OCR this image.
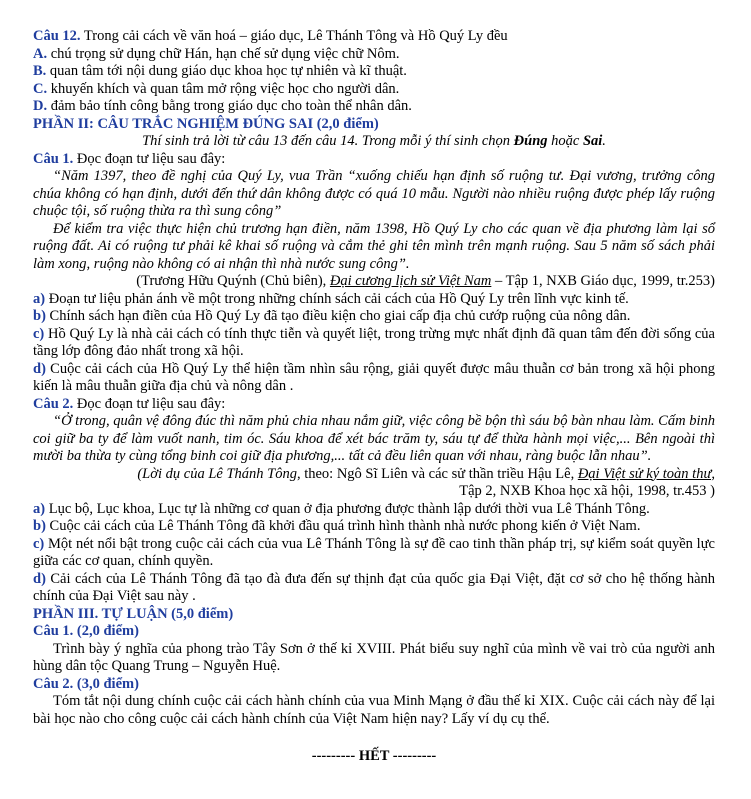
Câu 12. Trong cải cách về văn hoá – giáo dục, Lê Thánh Tông và Hồ Quý Ly đều

A. chú trọng sử dụng chữ Hán, hạn chế sử dụng việc chữ Nôm.

B. quan tâm tới nội dung giáo dục khoa học tự nhiên và kĩ thuật.

C. khuyến khích và quan tâm mở rộng việc học cho người dân.

D. đảm bảo tính công bằng trong giáo dục cho toàn thể nhân dân.

PHẦN II: CÂU TRẮC NGHIỆM ĐÚNG SAI (2,0 điểm)

Thí sinh trả lời từ câu 13 đến câu 14. Trong mỗi ý thí sinh chọn Đúng hoặc Sai.

Câu 1. Đọc đoạn tư liệu sau đây:

“Năm 1397, theo đề nghị của Quý Ly, vua Trần “xuống chiếu hạn định số ruộng tư. Đại vương, trưởng công chúa không có hạn định, dưới đến thứ dân không được có quá 10 mẫu. Người nào nhiều ruộng được phép lấy ruộng chuộc tội, số ruộng thừa ra thì sung công”

Để kiểm tra việc thực hiện chủ trương hạn điền, năm 1398, Hồ Quý Ly cho các quan về địa phương làm lại sổ ruộng đất. Ai có ruộng tư phải kê khai số ruộng và cắm thẻ ghi tên mình trên mạnh ruộng. Sau 5 năm số sách phải làm xong, ruộng nào không có ai nhận thì nhà nước sung công”.

(Trương Hữu Quýnh (Chủ biên), Đại cương lịch sử Việt Nam – Tập 1, NXB Giáo dục, 1999, tr.253)

a) Đoạn tư liệu phản ánh về một trong những chính sách cải cách của Hồ Quý Ly trên lĩnh vực kinh tế.

b) Chính sách hạn điền của Hồ Quý Ly đã tạo điều kiện cho giai cấp địa chủ cướp ruộng của nông dân.

c) Hồ Quý Ly là nhà cải cách có tính thực tiễn và quyết liệt, trong trừng mực nhất định đã quan tâm đến đời sống của tầng lớp đông đảo nhất trong xã hội.

d) Cuộc cải cách của Hồ Quý Ly thể hiện tầm nhìn sâu rộng, giải quyết được mâu thuẫn cơ bản trong xã hội phong kiến là mâu thuẫn giữa địa chủ và nông dân .

Câu 2. Đọc đoạn tư liệu sau đây:

“Ở trong, quân vệ đông đúc thì năm phủ chia nhau nắm giữ, việc công bề bộn thì sáu bộ bàn nhau làm. Cấm binh coi giữ ba ty để làm vuốt nanh, tim óc. Sáu khoa để xét bác trăm ty, sáu tự để thừa hành mọi việc,... Bên ngoài thì mười ba thừa ty cùng tổng binh coi giữ địa phương,... tất cả đều liên quan với nhau, ràng buộc lẫn nhau”.

(Lời dụ của Lê Thánh Tông, theo: Ngô Sĩ Liên và các sử thần triều Hậu Lê, Đại Việt sử ký toàn thư,

Tập 2, NXB Khoa học xã hội, 1998, tr.453 )

a) Lục bộ, Lục khoa, Lục tự là những cơ quan ở địa phương được thành lập dưới thời vua Lê Thánh Tông.

b) Cuộc cải cách của Lê Thánh Tông đã khởi đầu quá trình hình thành nhà nước phong kiến ở Việt Nam.

c) Một nét nổi bật trong cuộc cải cách của vua Lê Thánh Tông là sự đề cao tinh thần pháp trị, sự kiểm soát quyền lực giữa các cơ quan, chính quyền.

d) Cải cách của Lê Thánh Tông đã tạo đà đưa đến sự thịnh đạt của quốc gia Đại Việt, đặt cơ sở cho hệ thống hành chính của Đại Việt sau này .

PHẦN III. TỰ LUẬN (5,0 điểm)

Câu 1. (2,0 điểm)

Trình bày ý nghĩa của phong trào Tây Sơn ở thế kỉ XVIII. Phát biểu suy nghĩ của mình về vai trò của người anh hùng dân tộc Quang Trung – Nguyễn Huệ.

Câu 2. (3,0 điểm)

Tóm tắt nội dung chính cuộc cải cách hành chính của vua Minh Mạng ở đầu thế kỉ XIX. Cuộc cải cách này để lại bài học nào cho công cuộc cải cách hành chính của Việt Nam hiện nay? Lấy ví dụ cụ thể.

--------- HẾT ---------
